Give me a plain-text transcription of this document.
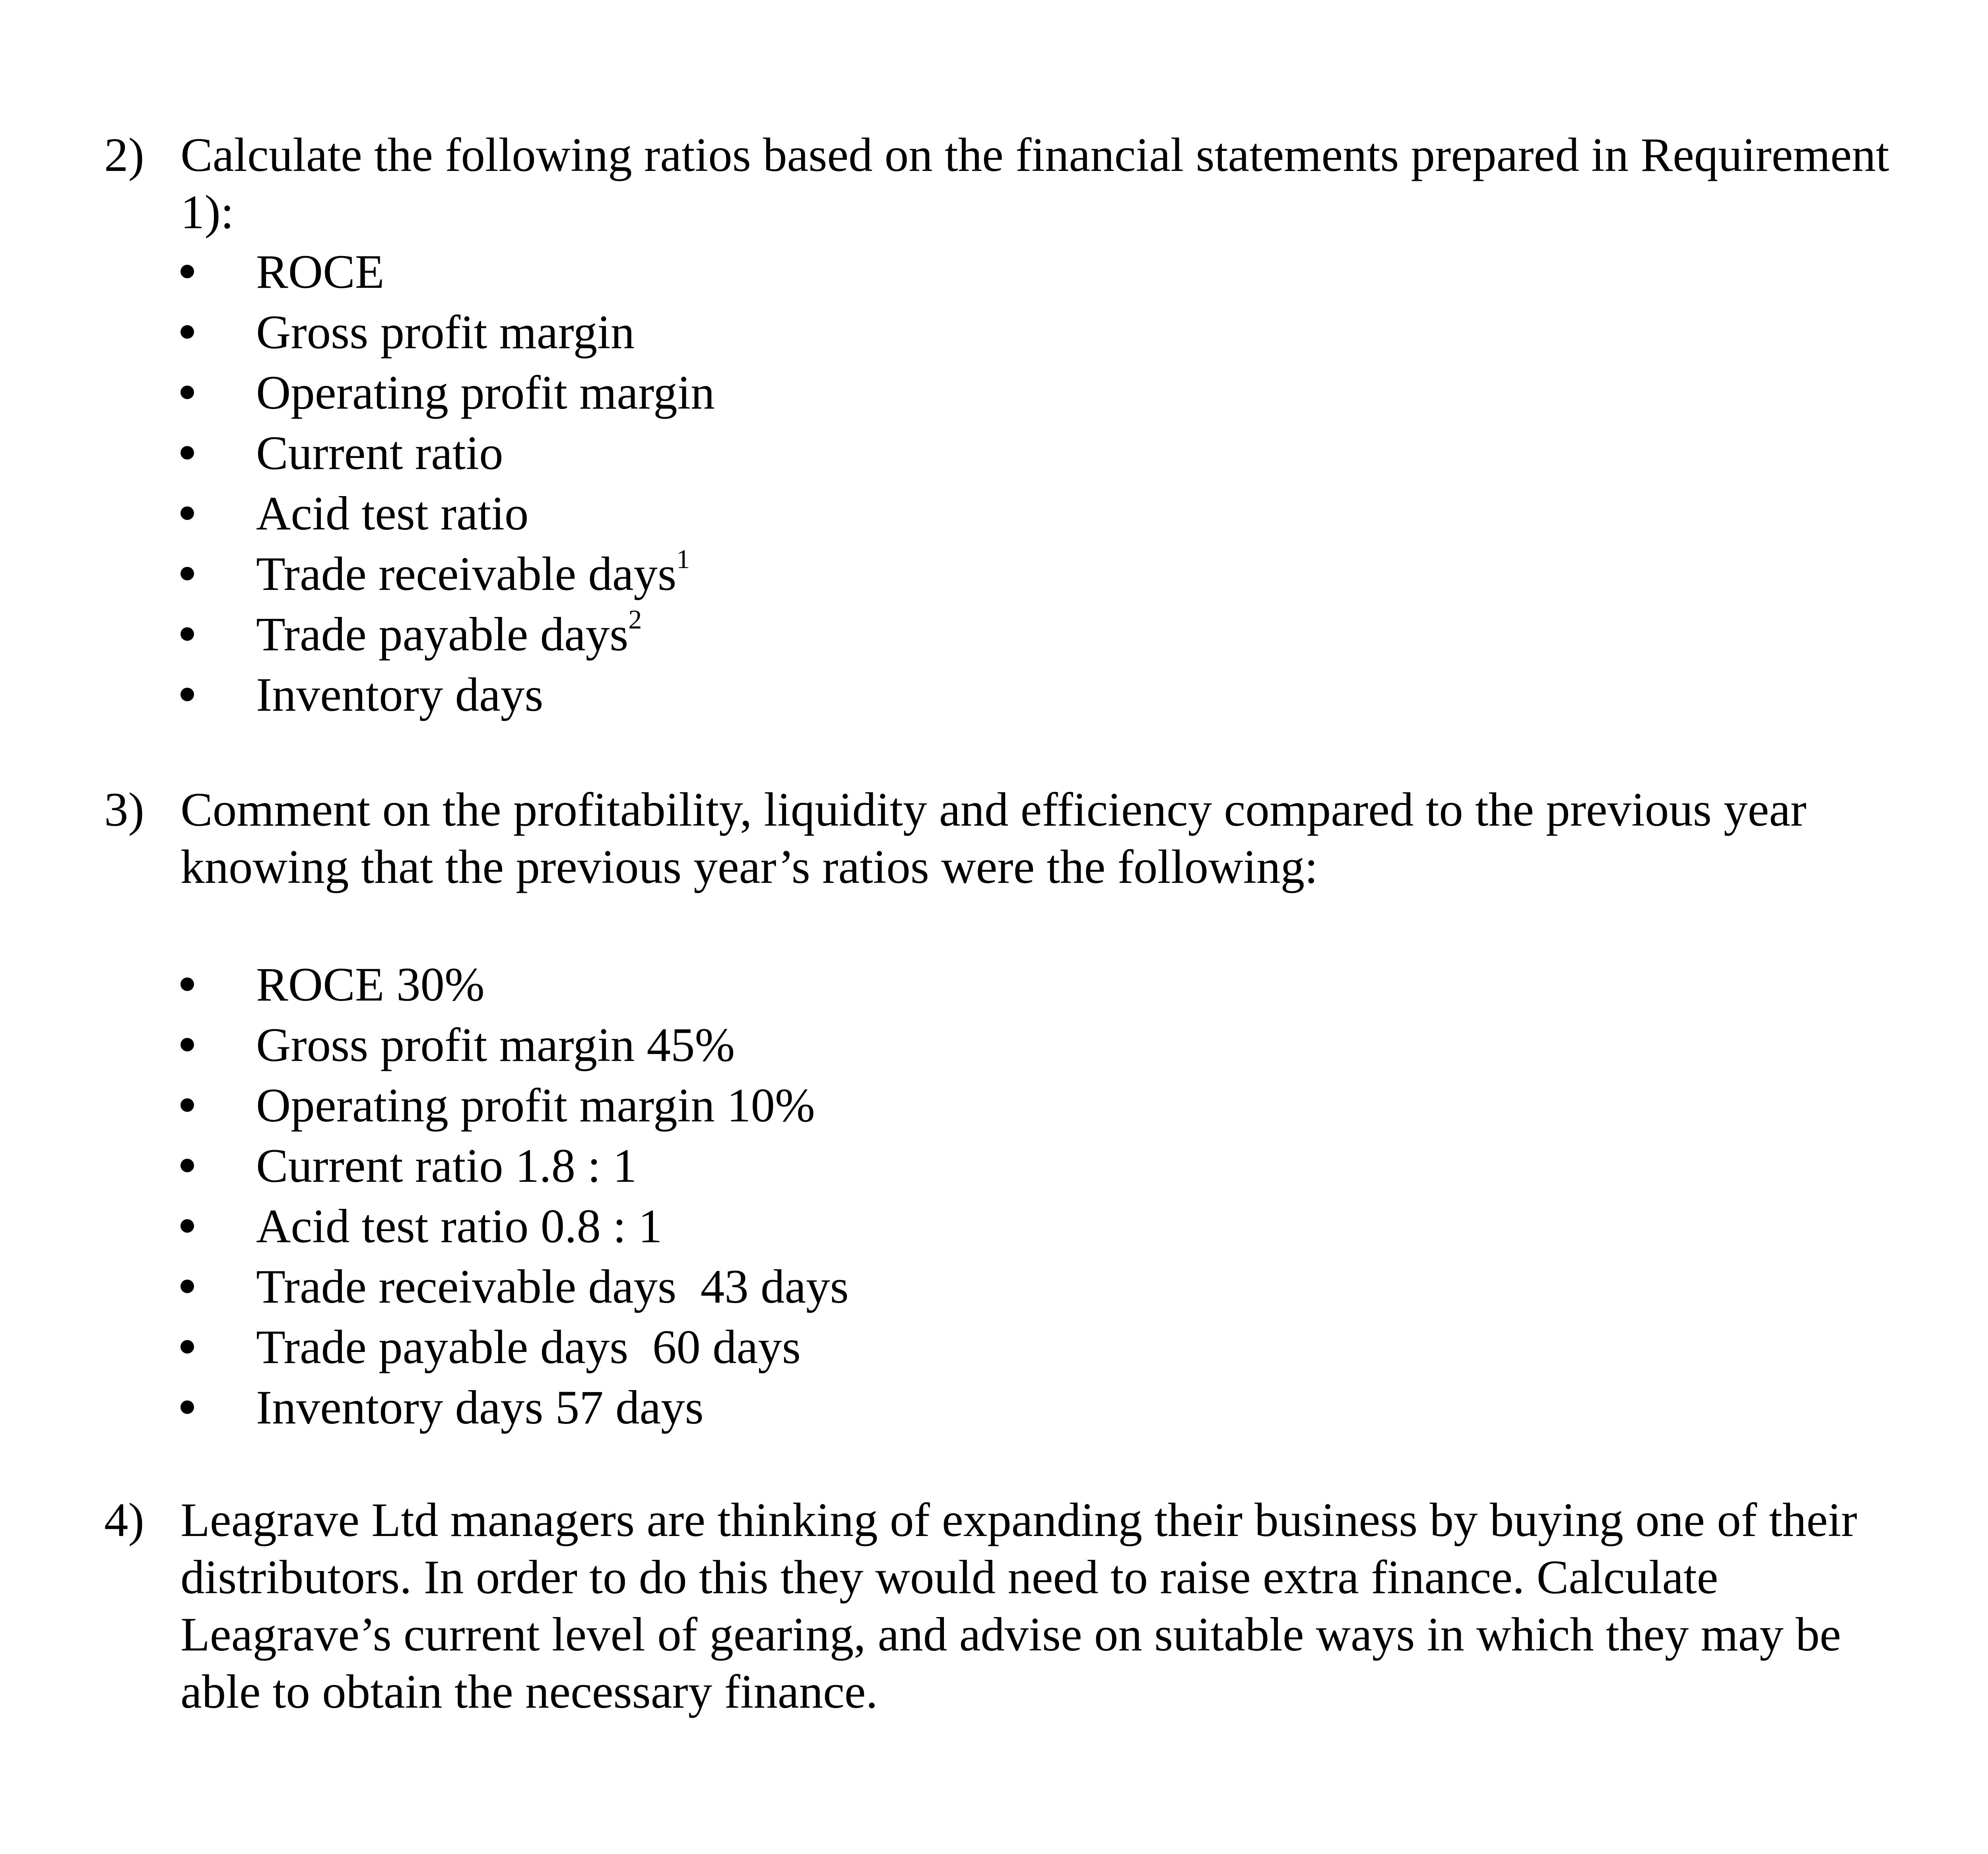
2) Calculate the following ratios based on the financial statements prepared in Requirement
1):
ROCE
Gross profit margin
Operating profit margin
Current ratio
Acid test ratio
Trade receivable days$^1$
Trade payable days$^2$
Inventory days
3) Comment on the profitability, liquidity and efficiency compared to the previous year
knowing that the previous year’s ratios were the following:
ROCE 30%
Gross profit margin 45%
Operating profit margin 10%
Current ratio 1.8 : 1
Acid test ratio 0.8 : 1
Trade receivable days  43 days
Trade payable days  60 days
Inventory days 57 days
4) Leagrave Ltd managers are thinking of expanding their business by buying one of their
distributors. In order to do this they would need to raise extra finance. Calculate
Leagrave’s current level of gearing, and advise on suitable ways in which they may be
able to obtain the necessary finance.
